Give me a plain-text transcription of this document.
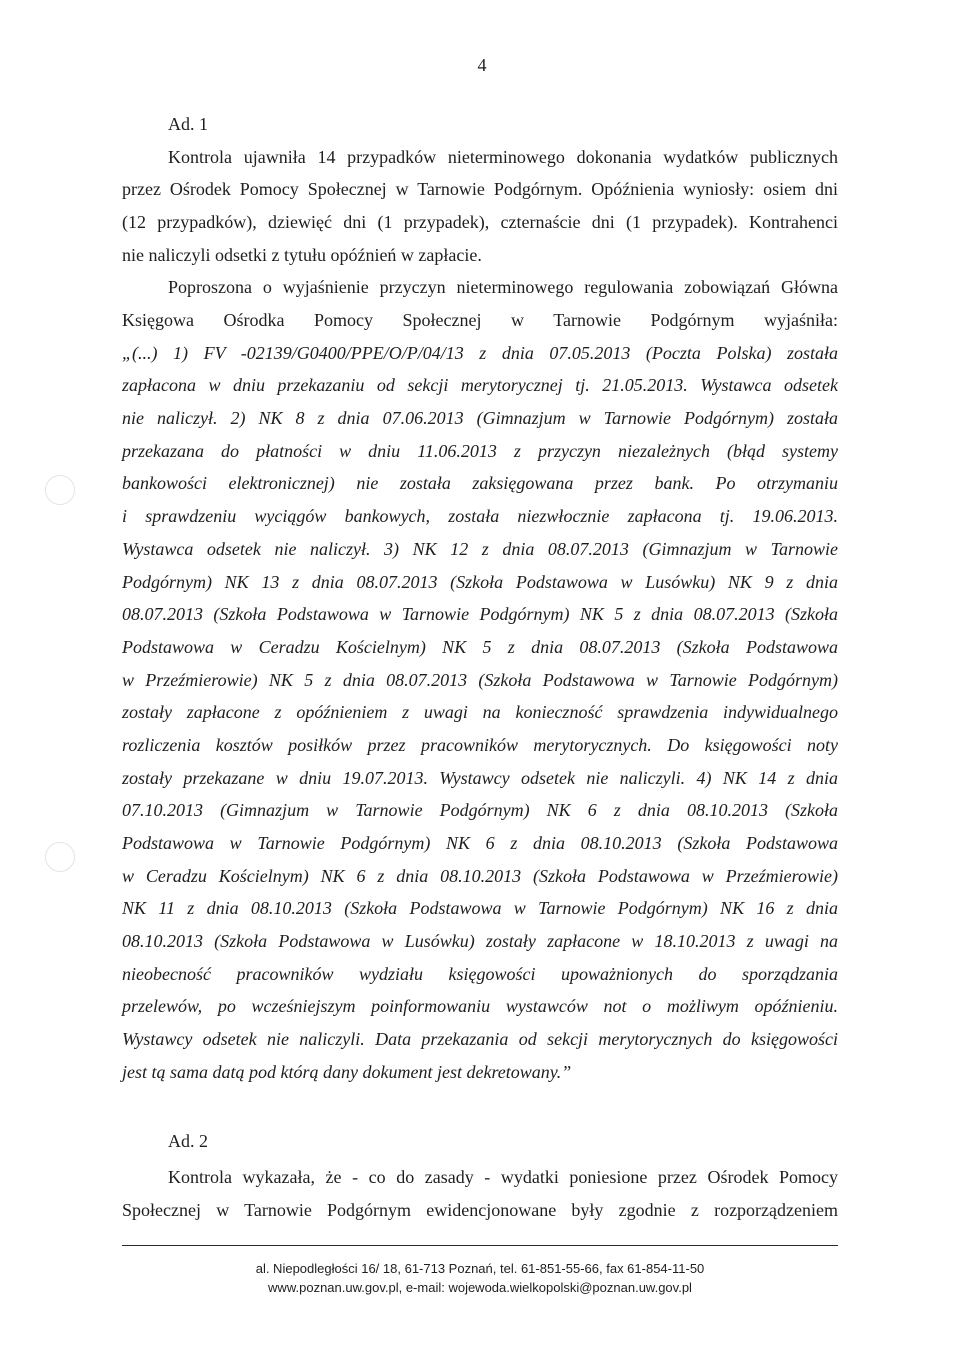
4
Ad. 1
Kontrola ujawniła 14 przypadków nieterminowego dokonania wydatków publicznych
przez Ośrodek Pomocy Społecznej w Tarnowie Podgórnym. Opóźnienia wyniosły: osiem dni
(12 przypadków), dziewięć dni (1 przypadek), czternaście dni (1 przypadek). Kontrahenci
nie naliczyli odsetki z tytułu opóźnień w zapłacie.
Poproszona o wyjaśnienie przyczyn nieterminowego regulowania zobowiązań Główna
Księgowa Ośrodka Pomocy Społecznej w Tarnowie Podgórnym wyjaśniła:
„(...) 1) FV -02139/G0400/PPE/O/P/04/13 z dnia 07.05.2013 (Poczta Polska) została
zapłacona w dniu przekazaniu od sekcji merytorycznej tj. 21.05.2013. Wystawca odsetek
nie naliczył. 2) NK 8 z dnia 07.06.2013 (Gimnazjum w Tarnowie Podgórnym) została
przekazana do płatności w dniu 11.06.2013 z przyczyn niezależnych (błąd systemy
bankowości elektronicznej) nie została zaksięgowana przez bank. Po otrzymaniu
i sprawdzeniu wyciągów bankowych, została niezwłocznie zapłacona tj. 19.06.2013.
Wystawca odsetek nie naliczył. 3) NK 12 z dnia 08.07.2013 (Gimnazjum w Tarnowie
Podgórnym) NK 13 z dnia 08.07.2013 (Szkoła Podstawowa w Lusówku) NK 9 z dnia
08.07.2013 (Szkoła Podstawowa w Tarnowie Podgórnym) NK 5 z dnia 08.07.2013 (Szkoła
Podstawowa w Ceradzu Kościelnym) NK 5 z dnia 08.07.2013 (Szkoła Podstawowa
w Przeźmierowie) NK 5 z dnia 08.07.2013 (Szkoła Podstawowa w Tarnowie Podgórnym)
zostały zapłacone z opóźnieniem z uwagi na konieczność sprawdzenia indywidualnego
rozliczenia kosztów posiłków przez pracowników merytorycznych. Do księgowości noty
zostały przekazane w dniu 19.07.2013. Wystawcy odsetek nie naliczyli. 4) NK 14 z dnia
07.10.2013 (Gimnazjum w Tarnowie Podgórnym) NK 6 z dnia 08.10.2013 (Szkoła
Podstawowa w Tarnowie Podgórnym) NK 6 z dnia 08.10.2013 (Szkoła Podstawowa
w Ceradzu Kościelnym) NK 6 z dnia 08.10.2013 (Szkoła Podstawowa w Przeźmierowie)
NK 11 z dnia 08.10.2013 (Szkoła Podstawowa w Tarnowie Podgórnym) NK 16 z dnia
08.10.2013 (Szkoła Podstawowa w Lusówku) zostały zapłacone w 18.10.2013 z uwagi na
nieobecność pracowników wydziału księgowości upoważnionych do sporządzania
przelewów, po wcześniejszym poinformowaniu wystawców not o możliwym opóźnieniu.
Wystawcy odsetek nie naliczyli. Data przekazania od sekcji merytorycznych do księgowości
jest tą sama datą pod którą dany dokument jest dekretowany.”
Ad. 2
Kontrola wykazała, że - co do zasady - wydatki poniesione przez Ośrodek Pomocy
Społecznej w Tarnowie Podgórnym ewidencjonowane były zgodnie z rozporządzeniem
al. Niepodległości 16/ 18, 61-713 Poznań, tel. 61-851-55-66, fax 61-854-11-50
www.poznan.uw.gov.pl, e-mail: wojewoda.wielkopolski@poznan.uw.gov.pl
